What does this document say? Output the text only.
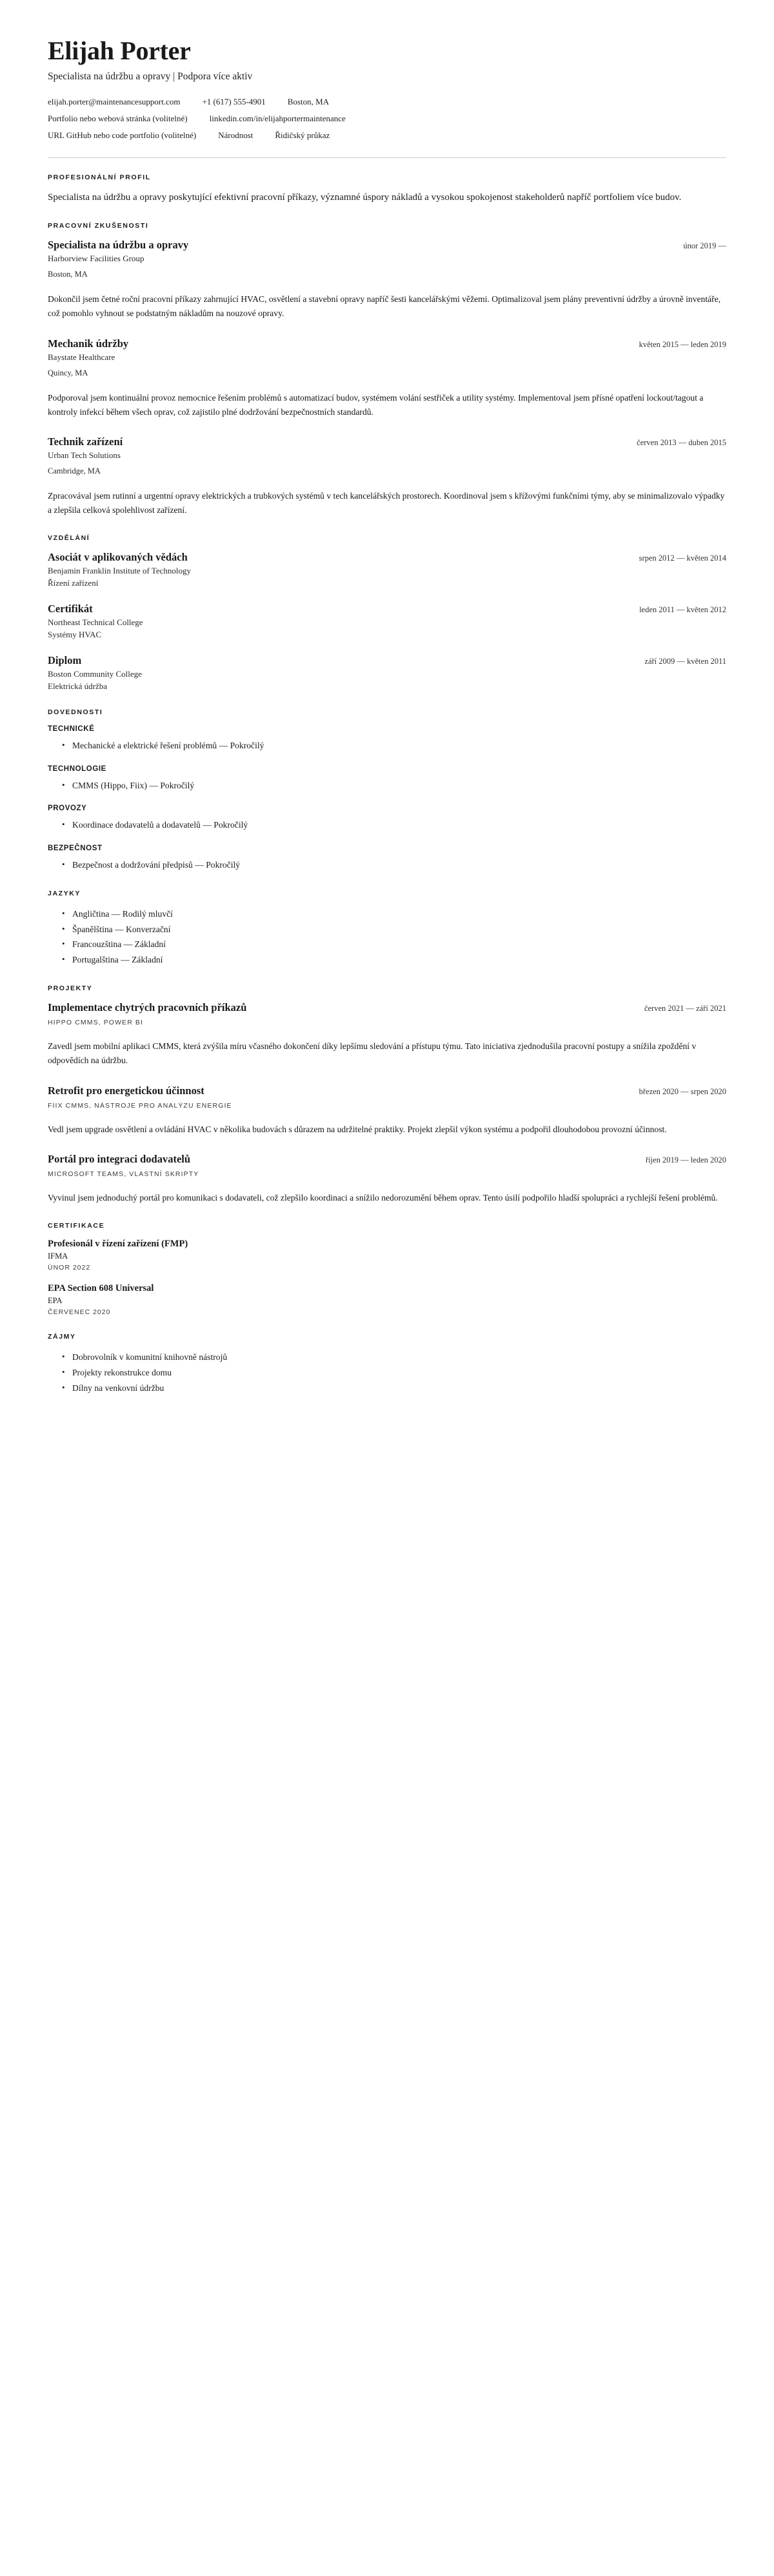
Elijah Porter

Specialista na údržbu a opravy | Podpora více aktiv

elijah.porter@maintenancesupport.com	+1 (617) 555-4901	Boston, MA
Portfolio nebo webová stránka (volitelné)	linkedin.com/in/elijahportermaintenance
URL GitHub nebo code portfolio (volitelné)	Národnost	Řidičský průkaz
PROFESIONÁLNÍ PROFIL

Specialista na údržbu a opravy poskytující efektivní pracovní příkazy, významné úspory nákladů a vysokou spokojenost stakeholderů napříč portfoliem více budov.

PRACOVNÍ ZKUŠENOSTI
Specialista na údržbu a opravy	únor 2019 —
Harborview Facilities Group
Boston, MA

Dokončil jsem četné roční pracovní příkazy zahrnující HVAC, osvětlení a stavební opravy napříč šesti kancelářskými věžemi. Optimalizoval jsem plány preventivní údržby a úrovně inventáře, což pomohlo vyhnout se podstatným nákladům na nouzové opravy.

Mechanik údržby	květen 2015 — leden 2019
Baystate Healthcare
Quincy, MA

Podporoval jsem kontinuální provoz nemocnice řešením problémů s automatizací budov, systémem volání sestřiček a utility systémy. Implementoval jsem přísné opatření lockout/tagout a kontroly infekcí během všech oprav, což zajistilo plné dodržování bezpečnostních standardů.

Technik zařízení	červen 2013 — duben 2015
Urban Tech Solutions
Cambridge, MA

Zpracovával jsem rutinní a urgentní opravy elektrických a trubkových systémů v tech kancelářských prostorech. Koordinoval jsem s křížovými funkčními týmy, aby se minimalizovalo výpadky a zlepšila celková spolehlivost zařízení.

VZDĚLÁNÍ
Asociát v aplikovaných vědách	srpen 2012 — květen 2014
Benjamin Franklin Institute of Technology
Řízení zařízení
Certifikát	leden 2011 — květen 2012
Northeast Technical College
Systémy HVAC
Diplom	září 2009 — květen 2011
Boston Community College
Elektrická údržba
DOVEDNOSTI
TECHNICKÉ
• Mechanické a elektrické řešení problémů — Pokročilý
TECHNOLOGIE
• CMMS (Hippo, Fiix) — Pokročilý
PROVOZY
• Koordinace dodavatelů a dodavatelů — Pokročilý
BEZPEČNOST
• Bezpečnost a dodržování předpisů — Pokročilý
JAZYKY
• Angličtina — Rodilý mluvčí
• Španělština — Konverzační
• Francouzština — Základní
• Portugalština — Základní
PROJEKTY
Implementace chytrých pracovních příkazů	červen 2021 — září 2021
HIPPO CMMS, POWER BI

Zavedl jsem mobilní aplikaci CMMS, která zvýšila míru včasného dokončení díky lepšímu sledování a přístupu týmu. Tato iniciativa zjednodušila pracovní postupy a snížila zpoždění v odpovědích na údržbu.

Retrofit pro energetickou účinnost	březen 2020 — srpen 2020
FIIX CMMS, NÁSTROJE PRO ANALÝZU ENERGIE

Vedl jsem upgrade osvětlení a ovládání HVAC v několika budovách s důrazem na udržitelné praktiky. Projekt zlepšil výkon systému a podpořil dlouhodobou provozní účinnost.

Portál pro integraci dodavatelů	říjen 2019 — leden 2020
MICROSOFT TEAMS, VLASTNÍ SKRIPTY

Vyvinul jsem jednoduchý portál pro komunikaci s dodavateli, což zlepšilo koordinaci a snížilo nedorozumění během oprav. Tento úsilí podpořilo hladší spolupráci a rychlejší řešení problémů.

CERTIFIKACE
Profesionál v řízení zařízení (FMP)
IFMA
ÚNOR 2022
EPA Section 608 Universal
EPA
ČERVENEC 2020
ZÁJMY
• Dobrovolník v komunitní knihovně nástrojů
• Projekty rekonstrukce domu
• Dílny na venkovní údržbu
